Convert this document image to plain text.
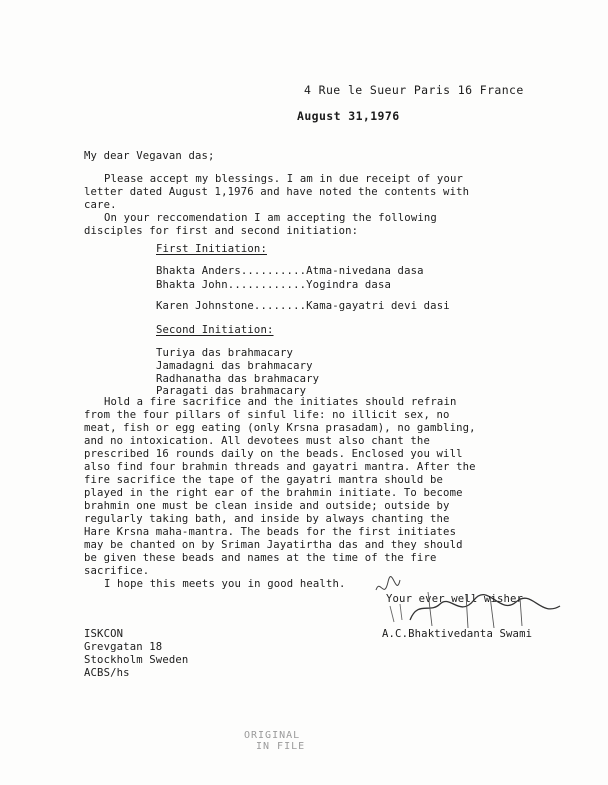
4 Rue le Sueur Paris 16 France
August 31,1976
My dear Vegavan das;
Please accept my blessings. I am in due receipt of your
letter dated August 1,1976 and have noted the contents with
care.
On your reccomendation I am accepting the following
disciples for first and second initiation:
First Initiation:
Bhakta Anders..........Atma-nivedana dasa
Bhakta John............Yogindra dasa
Karen Johnstone........Kama-gayatri devi dasi
Second Initiation:
Turiya das brahmacary
Jamadagni das brahmacary
Radhanatha das brahmacary
Paragati das brahmacary
Hold a fire sacrifice and the initiates should refrain
from the four pillars of sinful life: no illicit sex, no
meat, fish or egg eating (only Krsna prasadam), no gambling,
and no intoxication. All devotees must also chant the
prescribed 16 rounds daily on the beads. Enclosed you will
also find four brahmin threads and gayatri mantra. After the
fire sacrifice the tape of the gayatri mantra should be
played in the right ear of the brahmin initiate. To become
brahmin one must be clean inside and outside; outside by
regularly taking bath, and inside by always chanting the
Hare Krsna maha-mantra. The beads for the first initiates
may be chanted on by Sriman Jayatirtha das and they should
be given these beads and names at the time of the fire
sacrifice.
I hope this meets you in good health.
Your ever well wisher
A.C.Bhaktivedanta Swami
ISKCON
Grevgatan 18
Stockholm Sweden
ACBS/hs
ORIGINAL
IN FILE
